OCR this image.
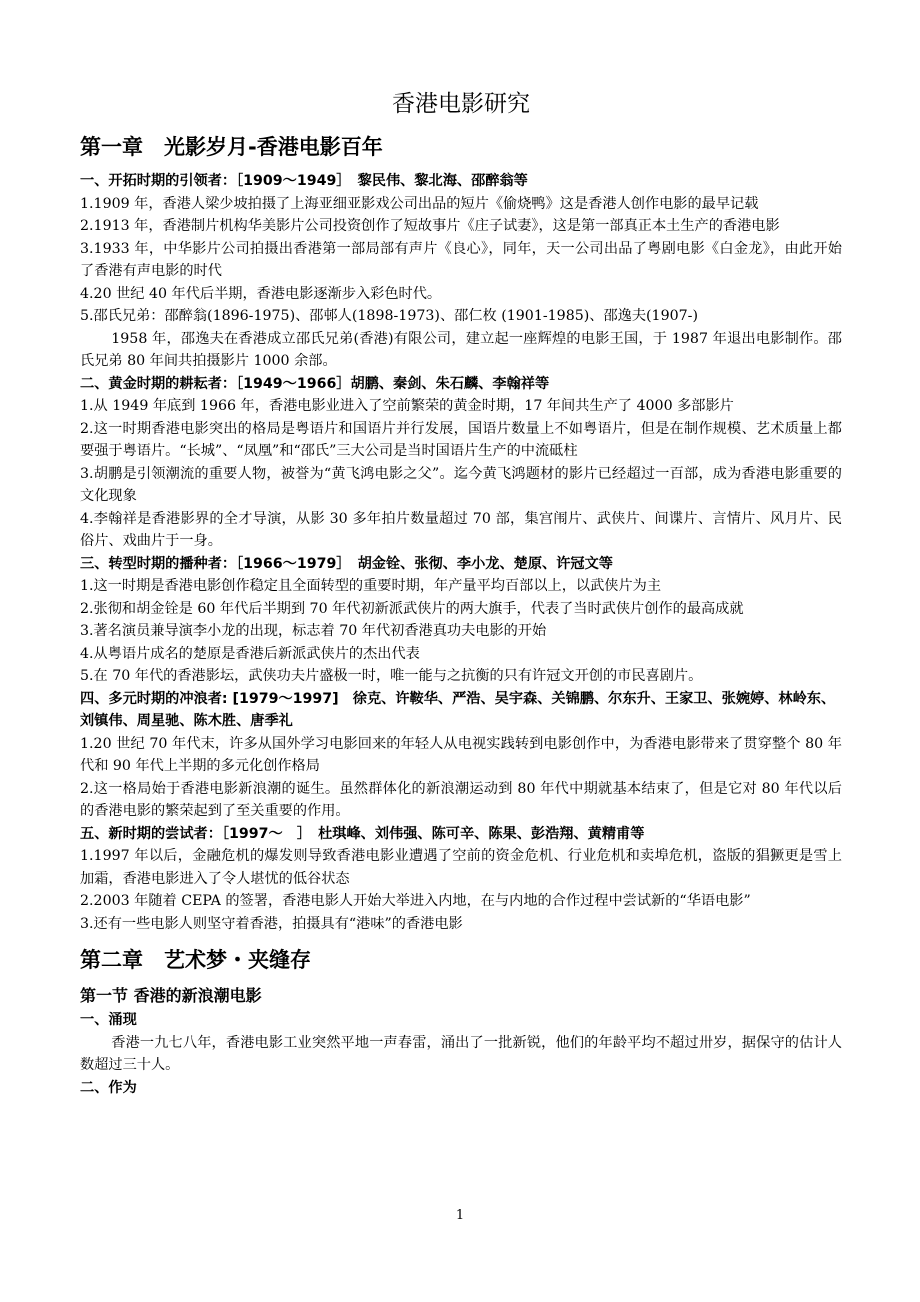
香港电影研究
第一章　光影岁月-香港电影百年
一、开拓时期的引领者：［1909～1949］　黎民伟、黎北海、邵醉翁等

1.1909 年，香港人梁少坡拍摄了上海亚细亚影戏公司出品的短片《偷烧鸭》这是香港人创作电影的最早记载

2.1913 年，香港制片机构华美影片公司投资创作了短故事片《庄子试妻》，这是第一部真正本土生产的香港电影

3.1933 年，中华影片公司拍摄出香港第一部局部有声片《良心》，同年，天一公司出品了粤剧电影《白金龙》，由此开始了香港有声电影的时代

4.20 世纪 40 年代后半期，香港电影逐渐步入彩色时代。

5.邵氏兄弟：邵醉翁(1896-1975)、邵邨人(1898-1973)、邵仁枚 (1901-1985)、邵逸夫(1907-)

1958 年，邵逸夫在香港成立邵氏兄弟(香港)有限公司，建立起一座辉煌的电影王国，于 1987 年退出电影制作。邵氏兄弟 80 年间共拍摄影片 1000 余部。

二、黄金时期的耕耘者：［1949～1966］胡鹏、秦剑、朱石麟、李翰祥等

1.从 1949 年底到 1966 年，香港电影业进入了空前繁荣的黄金时期，17 年间共生产了 4000 多部影片

2.这一时期香港电影突出的格局是粤语片和国语片并行发展，国语片数量上不如粤语片，但是在制作规模、艺术质量上都要强于粤语片。“长城”、“凤凰”和“邵氏”三大公司是当时国语片生产的中流砥柱

3.胡鹏是引领潮流的重要人物，被誉为“黄飞鸿电影之父”。迄今黄飞鸿题材的影片已经超过一百部，成为香港电影重要的文化现象

4.李翰祥是香港影界的全才导演，从影 30 多年拍片数量超过 70 部，集宫闱片、武侠片、间谍片、言情片、风月片、民俗片、戏曲片于一身。

三、转型时期的播种者：［1966～1979］　胡金铨、张彻、李小龙、楚原、许冠文等

1.这一时期是香港电影创作稳定且全面转型的重要时期，年产量平均百部以上，以武侠片为主

2.张彻和胡金铨是 60 年代后半期到 70 年代初新派武侠片的两大旗手，代表了当时武侠片创作的最高成就

3.著名演员兼导演李小龙的出现，标志着 70 年代初香港真功夫电影的开始

4.从粤语片成名的楚原是香港后新派武侠片的杰出代表

5.在 70 年代的香港影坛，武侠功夫片盛极一时，唯一能与之抗衡的只有许冠文开创的市民喜剧片。

四、多元时期的冲浪者: [1979～1997]　徐克、许鞍华、严浩、吴宇森、关锦鹏、尔东升、王家卫、张婉婷、林岭东、刘镇伟、周星驰、陈木胜、唐季礼

1.20 世纪 70 年代末，许多从国外学习电影回来的年轻人从电视实践转到电影创作中，为香港电影带来了贯穿整个 80 年代和 90 年代上半期的多元化创作格局

2.这一格局始于香港电影新浪潮的诞生。虽然群体化的新浪潮运动到 80 年代中期就基本结束了，但是它对 80 年代以后的香港电影的繁荣起到了至关重要的作用。

五、新时期的尝试者：［1997～　］　杜琪峰、刘伟强、陈可辛、陈果、彭浩翔、黄精甫等

1.1997 年以后，金融危机的爆发则导致香港电影业遭遇了空前的资金危机、行业危机和卖埠危机，盗版的猖獗更是雪上加霜，香港电影进入了令人堪忧的低谷状态

2.2003 年随着 CEPA 的签署，香港电影人开始大举进入内地，在与内地的合作过程中尝试新的“华语电影”

3.还有一些电影人则坚守着香港，拍摄具有“港味”的香港电影

第二章　艺术梦・夹缝存
第一节 香港的新浪潮电影
一、涌现

香港一九七八年，香港电影工业突然平地一声春雷，涌出了一批新锐，他们的年龄平均不超过卅岁，据保守的估计人数超过三十人。

二、作为
1
